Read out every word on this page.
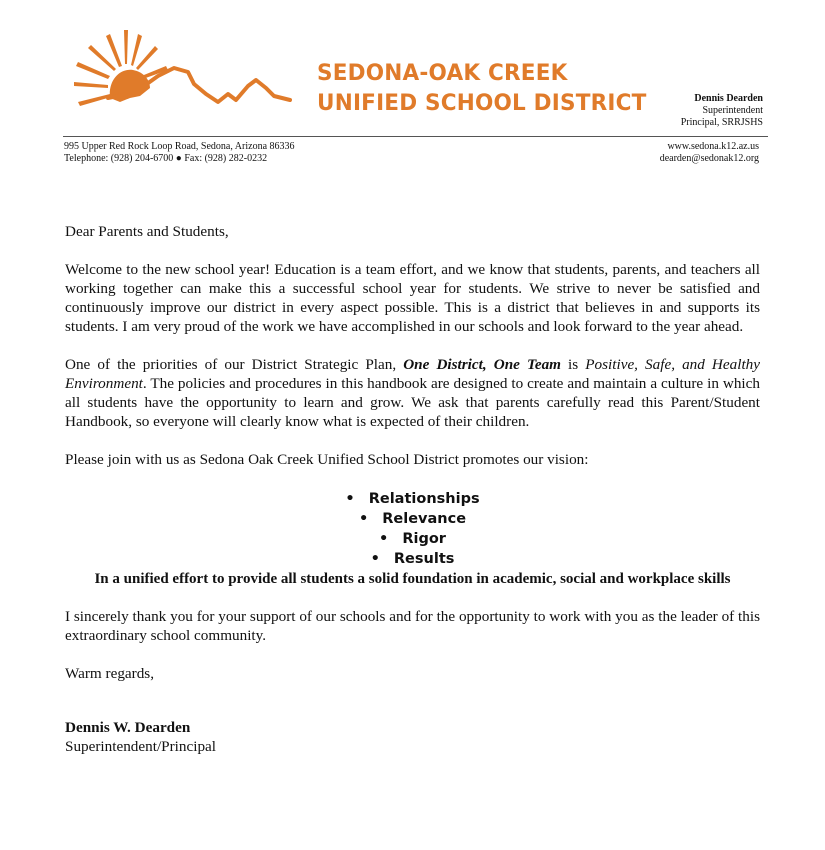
SEDONA-OAK CREEK
UNIFIED SCHOOL DISTRICT	Dennis Dearden
Superintendent
Principal, SRRJSHS
995 Upper Red Rock Loop Road, Sedona, Arizona 86336
Telephone: (928) 204-6700 ● Fax: (928) 282-0232
www.sedona.k12.az.us
dearden@sedonak12.org

Dear Parents and Students,

Welcome to the new school year! Education is a team effort, and we know that students, parents, and teachers all working together can make this a successful school year for students. We strive to never be satisfied and continuously improve our district in every aspect possible. This is a district that believes in and supports its students. I am very proud of the work we have accomplished in our schools and look forward to the year ahead.

One of the priorities of our District Strategic Plan, One District, One Team is Positive, Safe, and Healthy Environment. The policies and procedures in this handbook are designed to create and maintain a culture in which all students have the opportunity to learn and grow. We ask that parents carefully read this Parent/Student Handbook, so everyone will clearly know what is expected of their children.

Please join with us as Sedona Oak Creek Unified School District promotes our vision:

• Relationships
• Relevance
• Rigor
• Results

In a unified effort to provide all students a solid foundation in academic, social and workplace skills

I sincerely thank you for your support of our schools and for the opportunity to work with you as the leader of this extraordinary school community.

Warm regards,

Dennis W. Dearden

Superintendent/Principal
